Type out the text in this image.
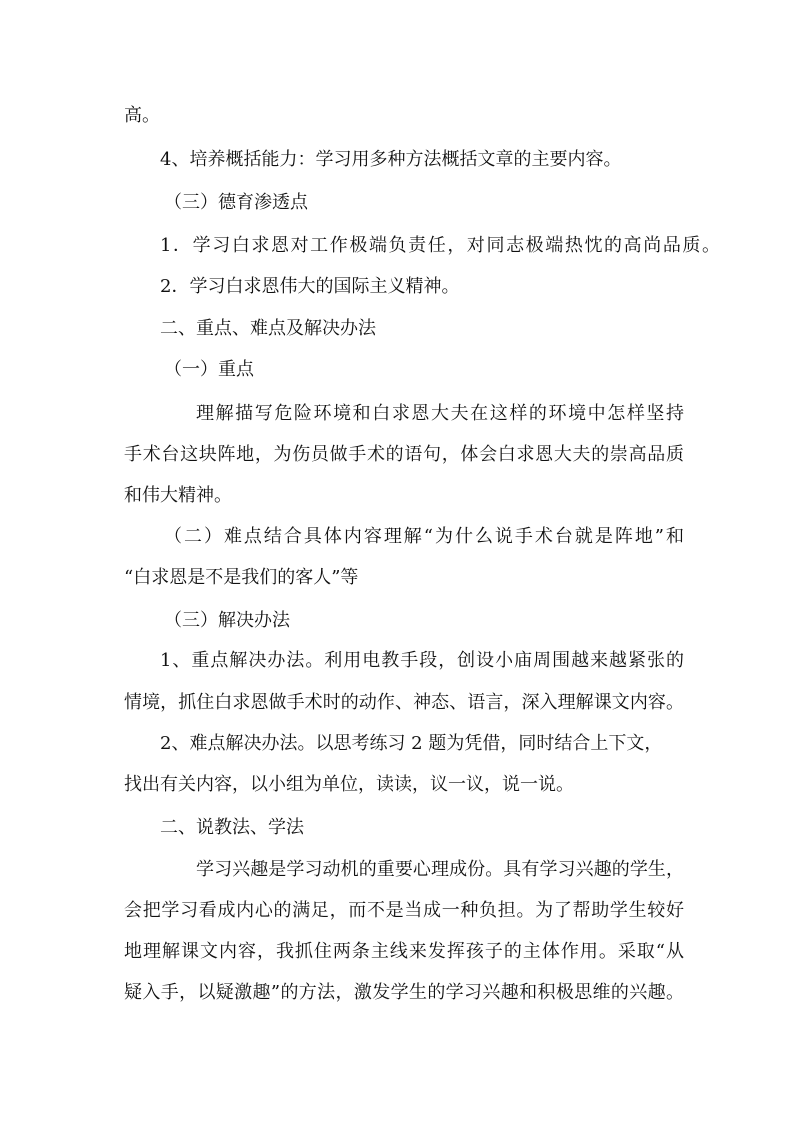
高。
4、培养概括能力：学习用多种方法概括文章的主要内容。
（三）德育渗透点
1．学习白求恩对工作极端负责任，对同志极端热忱的高尚品质。
2．学习白求恩伟大的国际主义精神。
二、重点、难点及解决办法
（一）重点
理解描写危险环境和白求恩大夫在这样的环境中怎样坚持
手术台这块阵地，为伤员做手术的语句，体会白求恩大夫的崇高品质
和伟大精神。
（二）难点结合具体内容理解“为什么说手术台就是阵地”和
“白求恩是不是我们的客人”等
（三）解决办法
1、重点解决办法。利用电教手段，创设小庙周围越来越紧张的
情境，抓住白求恩做手术时的动作、神态、语言，深入理解课文内容。
2、难点解决办法。以思考练习 2 题为凭借，同时结合上下文，
找出有关内容，以小组为单位，读读，议一议，说一说。
二、说教法、学法
学习兴趣是学习动机的重要心理成份。具有学习兴趣的学生，
会把学习看成内心的满足，而不是当成一种负担。为了帮助学生较好
地理解课文内容，我抓住两条主线来发挥孩子的主体作用。采取“从
疑入手，以疑激趣”的方法，激发学生的学习兴趣和积极思维的兴趣。
